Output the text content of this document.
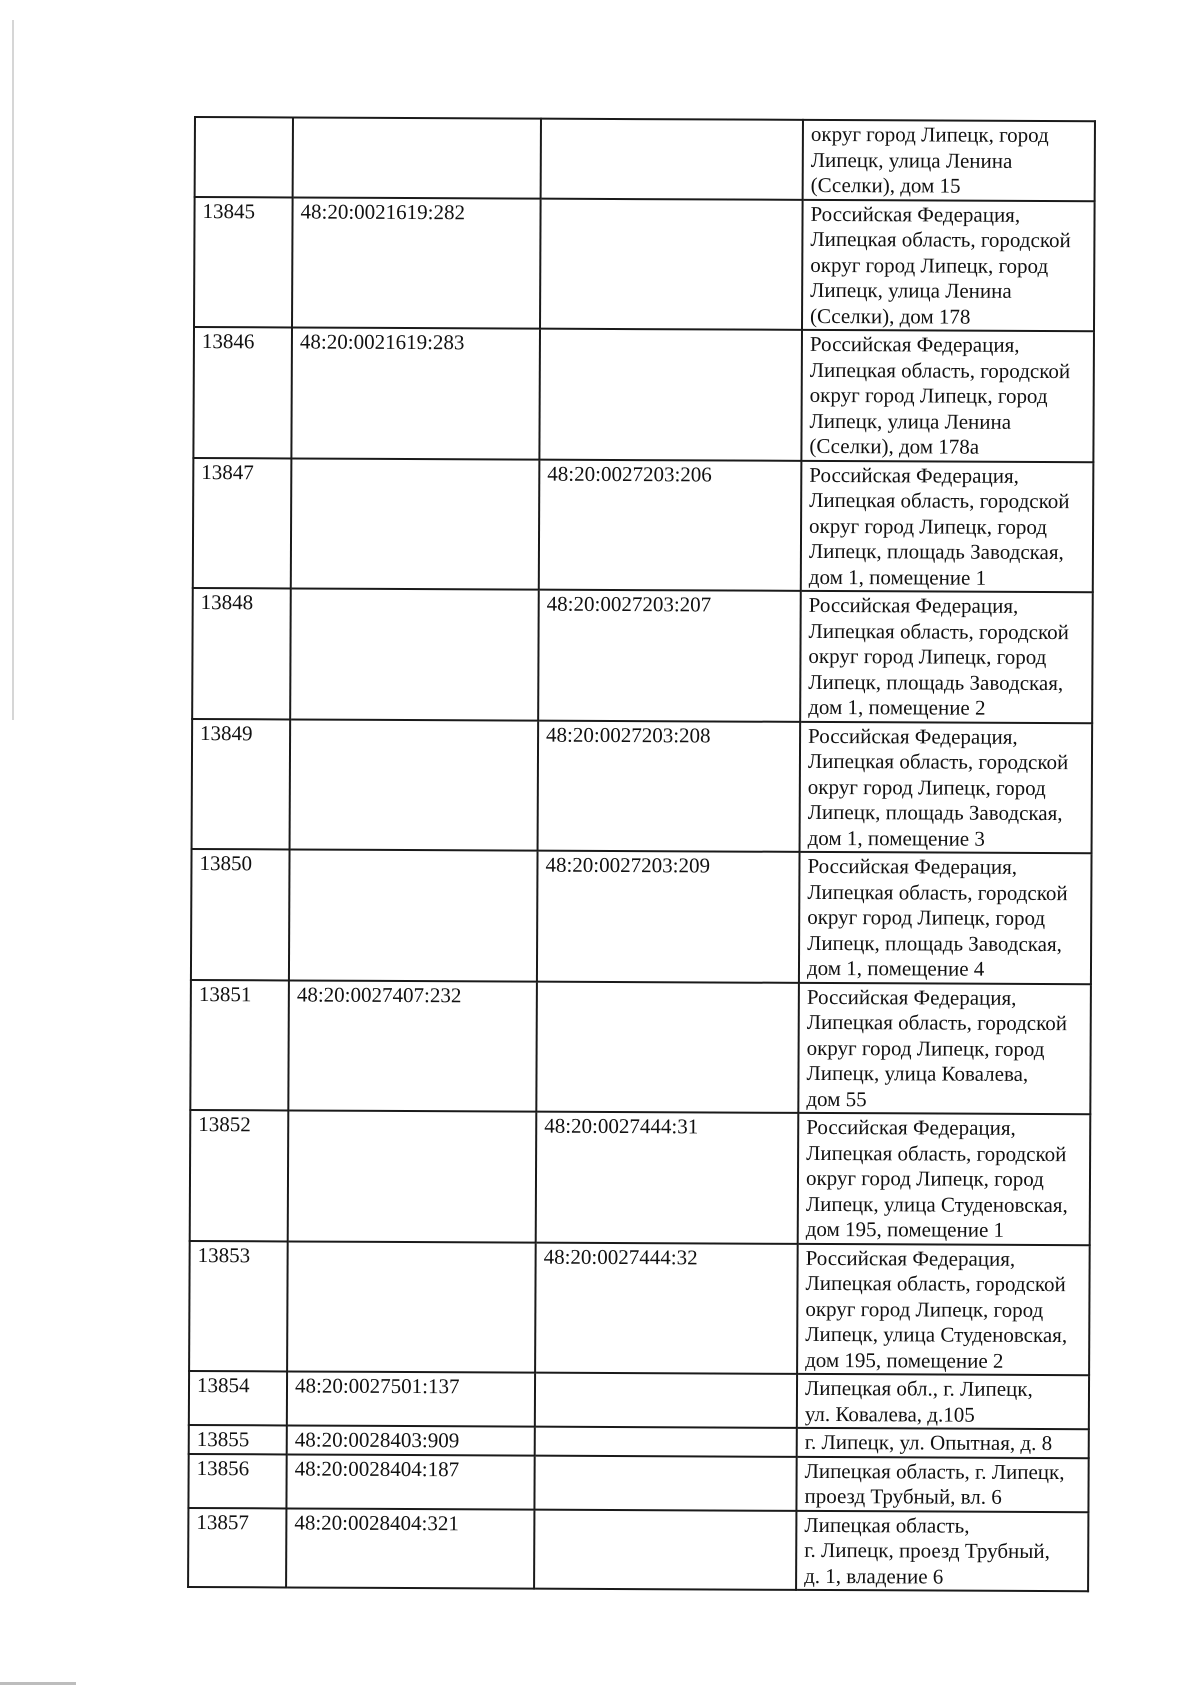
			округ город Липецк, город
Липецк, улица Ленина
(Сселки), дом 15
13845	48:20:0021619:282		Российская Федерация,
Липецкая область, городской
округ город Липецк, город
Липецк, улица Ленина
(Сселки), дом 178
13846	48:20:0021619:283		Российская Федерация,
Липецкая область, городской
округ город Липецк, город
Липецк, улица Ленина
(Сселки), дом 178а
13847		48:20:0027203:206	Российская Федерация,
Липецкая область, городской
округ город Липецк, город
Липецк, площадь Заводская,
дом 1, помещение 1
13848		48:20:0027203:207	Российская Федерация,
Липецкая область, городской
округ город Липецк, город
Липецк, площадь Заводская,
дом 1, помещение 2
13849		48:20:0027203:208	Российская Федерация,
Липецкая область, городской
округ город Липецк, город
Липецк, площадь Заводская,
дом 1, помещение 3
13850		48:20:0027203:209	Российская Федерация,
Липецкая область, городской
округ город Липецк, город
Липецк, площадь Заводская,
дом 1, помещение 4
13851	48:20:0027407:232		Российская Федерация,
Липецкая область, городской
округ город Липецк, город
Липецк, улица Ковалева,
дом 55
13852		48:20:0027444:31	Российская Федерация,
Липецкая область, городской
округ город Липецк, город
Липецк, улица Студеновская,
дом 195, помещение 1
13853		48:20:0027444:32	Российская Федерация,
Липецкая область, городской
округ город Липецк, город
Липецк, улица Студеновская,
дом 195, помещение 2
13854	48:20:0027501:137		Липецкая обл., г. Липецк,
ул. Ковалева, д.105
13855	48:20:0028403:909		г. Липецк, ул. Опытная, д. 8
13856	48:20:0028404:187		Липецкая область, г. Липецк,
проезд Трубный, вл. 6
13857	48:20:0028404:321		Липецкая область,
г. Липецк, проезд Трубный,
д. 1, владение 6
